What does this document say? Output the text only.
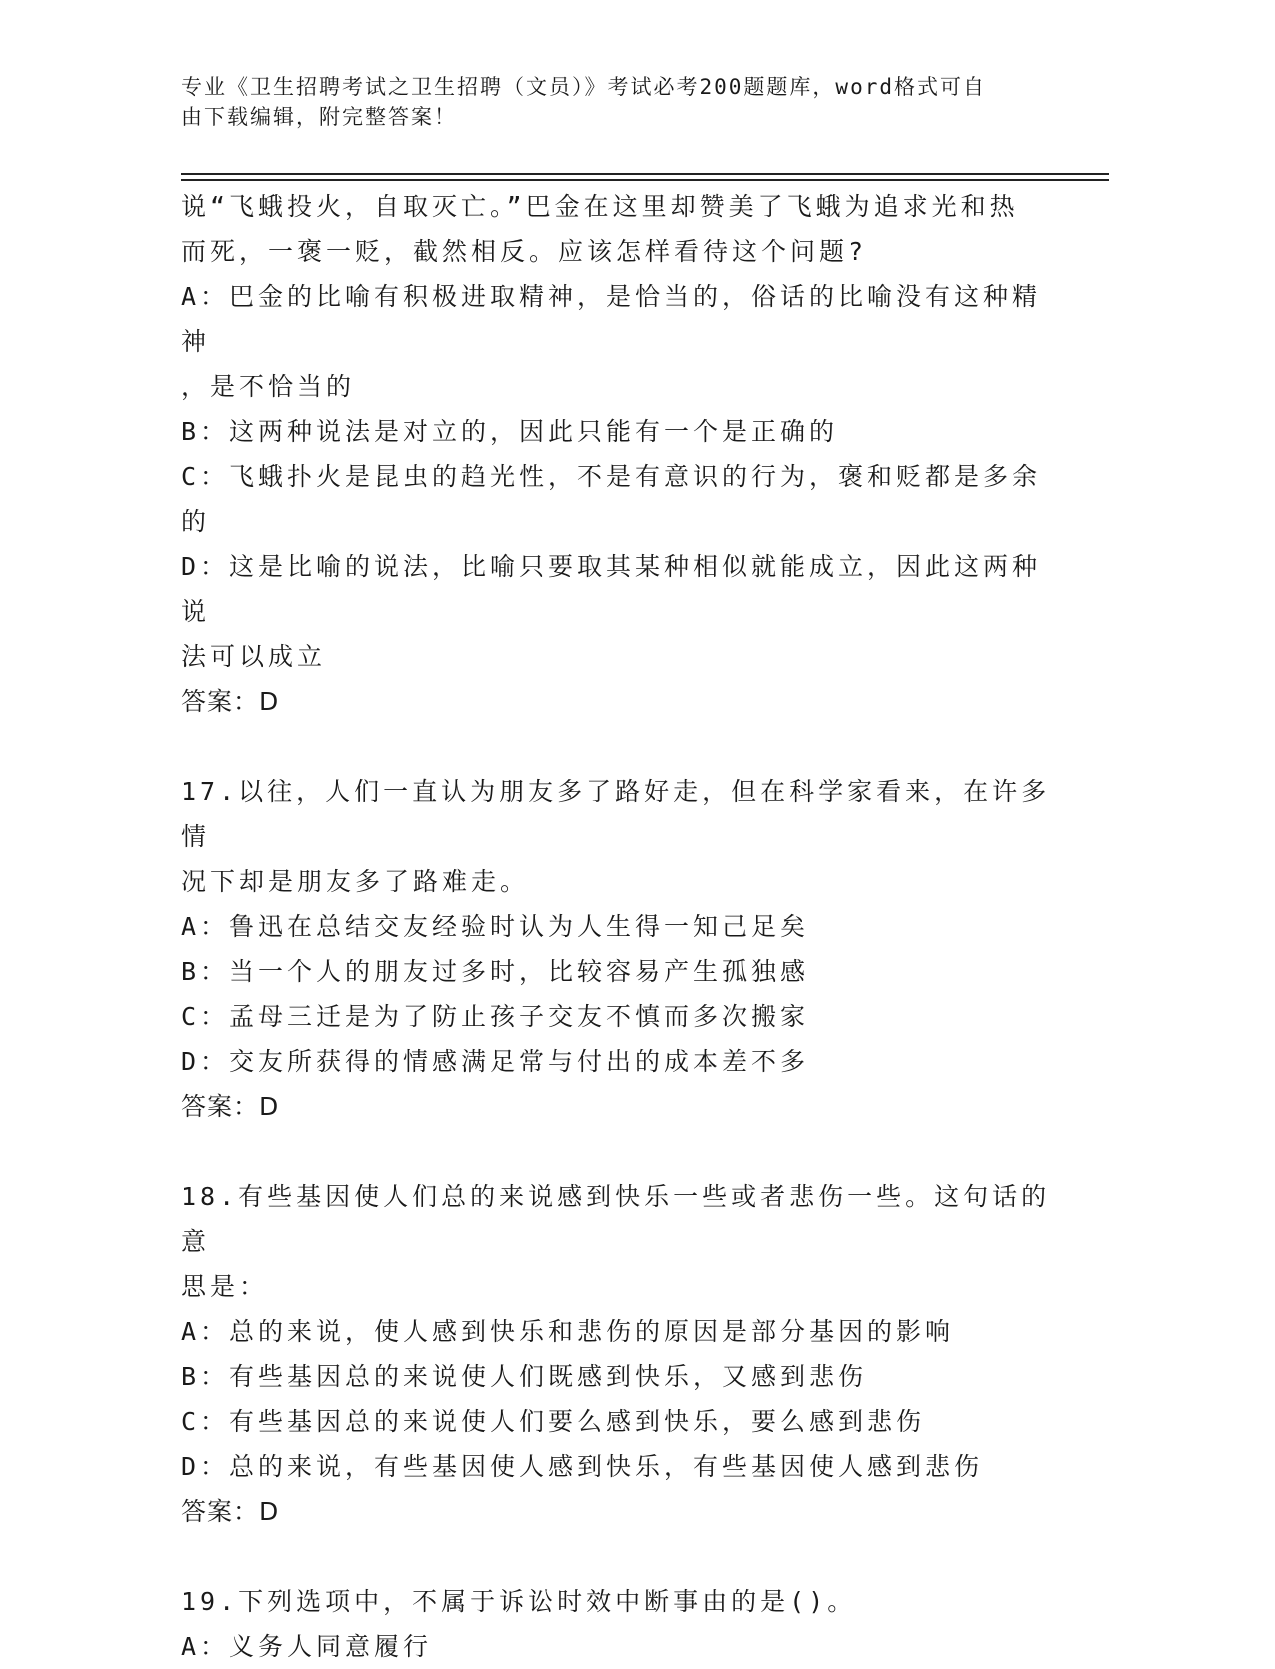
专业《卫生招聘考试之卫生招聘（文员）》考试必考200题题库，word格式可自
由下载编辑，附完整答案！
说“飞蛾投火，自取灭亡。”巴金在这里却赞美了飞蛾为追求光和热
而死，一褒一贬，截然相反。应该怎样看待这个问题?
A：巴金的比喻有积极进取精神，是恰当的，俗话的比喻没有这种精神
，是不恰当的
B：这两种说法是对立的，因此只能有一个是正确的
C：飞蛾扑火是昆虫的趋光性，不是有意识的行为，褒和贬都是多余的
D：这是比喻的说法，比喻只要取其某种相似就能成立，因此这两种说
法可以成立
答案：D
17.以往，人们一直认为朋友多了路好走，但在科学家看来，在许多情
况下却是朋友多了路难走。
A：鲁迅在总结交友经验时认为人生得一知己足矣
B：当一个人的朋友过多时，比较容易产生孤独感
C：孟母三迁是为了防止孩子交友不慎而多次搬家
D：交友所获得的情感满足常与付出的成本差不多
答案：D
18.有些基因使人们总的来说感到快乐一些或者悲伤一些。这句话的意
思是：
A：总的来说，使人感到快乐和悲伤的原因是部分基因的影响
B：有些基因总的来说使人们既感到快乐，又感到悲伤
C：有些基因总的来说使人们要么感到快乐，要么感到悲伤
D：总的来说，有些基因使人感到快乐，有些基因使人感到悲伤
答案：D
19.下列选项中，不属于诉讼时效中断事由的是()。
A：义务人同意履行
